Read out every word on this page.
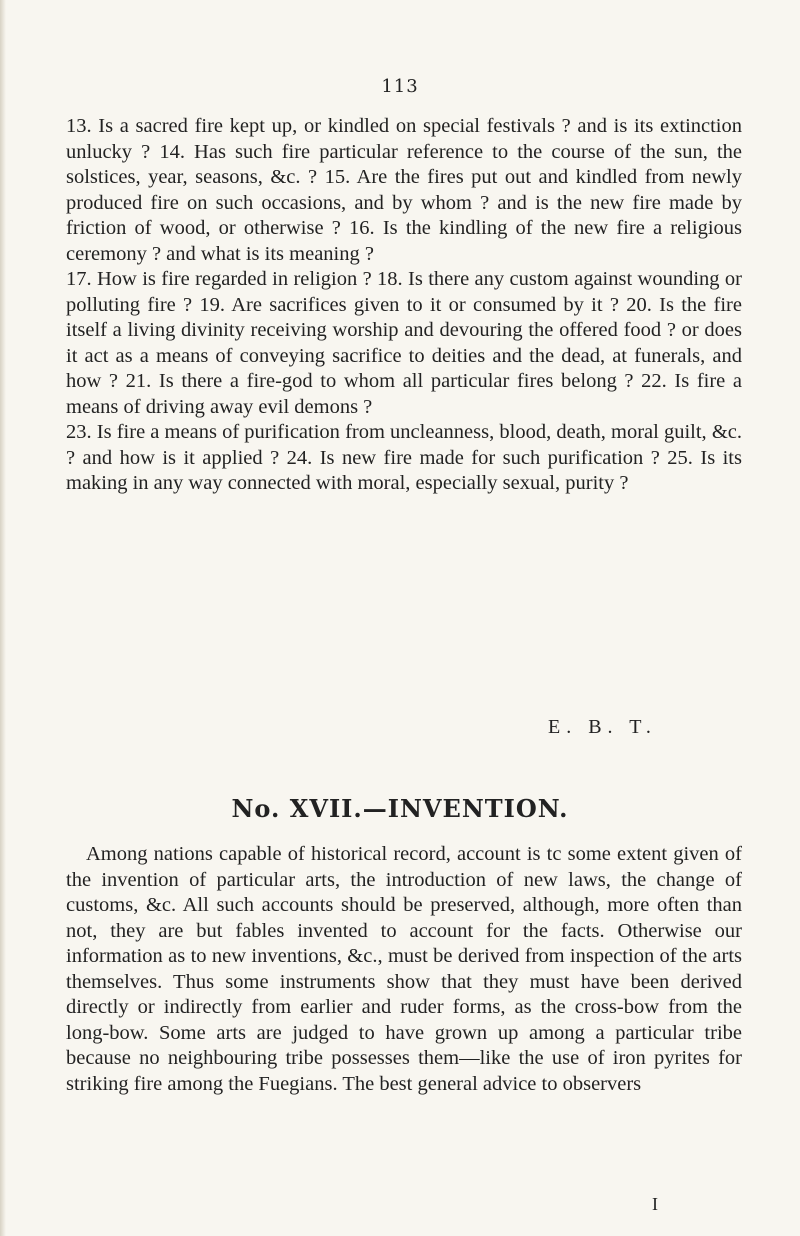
113

13. Is a sacred fire kept up, or kindled on special festivals ? and is its extinction unlucky ? 14. Has such fire particular reference to the course of the sun, the solstices, year, seasons, &c. ? 15. Are the fires put out and kindled from newly produced fire on such occasions, and by whom ? and is the new fire made by friction of wood, or otherwise ? 16. Is the kindling of the new fire a religious ceremony ? and what is its meaning ?

17. How is fire regarded in religion ? 18. Is there any custom against wounding or polluting fire ? 19. Are sacrifices given to it or consumed by it ? 20. Is the fire itself a living divinity receiving worship and devouring the offered food ? or does it act as a means of conveying sacrifice to deities and the dead, at funerals, and how ? 21. Is there a fire-god to whom all particular fires belong ? 22. Is fire a means of driving away evil demons ?

23. Is fire a means of purification from uncleanness, blood, death, moral guilt, &c. ? and how is it applied ? 24. Is new fire made for such purification ? 25. Is its making in any way connected with moral, especially sexual, purity ?

E. B. T.
No. XVII.—INVENTION.

Among nations capable of historical record, account is tc some extent given of the invention of particular arts, the introduction of new laws, the change of customs, &c. All such accounts should be preserved, although, more often than not, they are but fables invented to account for the facts. Otherwise our information as to new inventions, &c., must be derived from inspection of the arts themselves. Thus some instruments show that they must have been derived directly or indirectly from earlier and ruder forms, as the cross-bow from the long-bow. Some arts are judged to have grown up among a particular tribe because no neighbouring tribe possesses them—like the use of iron pyrites for striking fire among the Fuegians. The best general advice to observers

I
